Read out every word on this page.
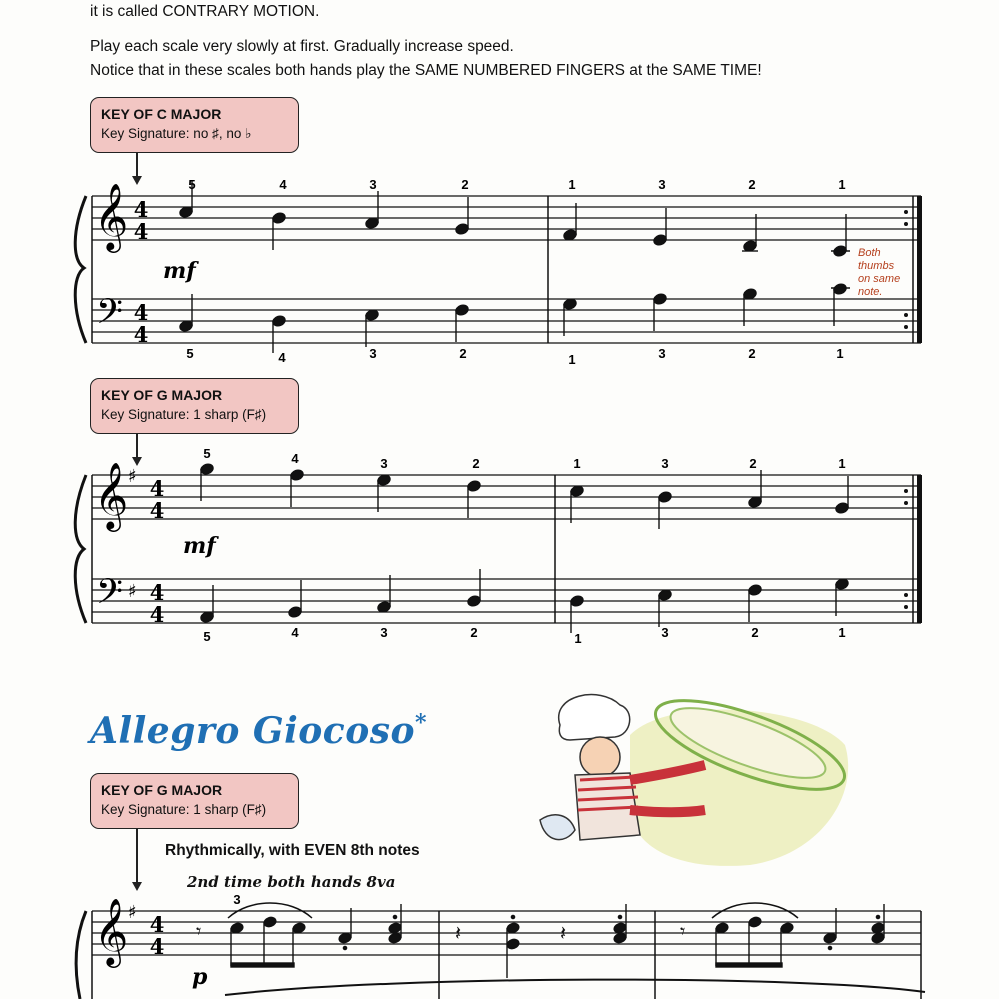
it is called CONTRARY MOTION.

Play each scale very slowly at first. Gradually increase speed.

Notice that in these scales both hands play the SAME NUMBERED FINGERS at the SAME TIME!

KEY OF C MAJOR
Key Signature: no ♯, no ♭
𝄞
𝄢
4
4
4
4
mf
5	4	3	2	1	3	2	1
5	4	3	2	1	3	2	1
Both
thumbs
on same
note.
KEY OF G MAJOR
Key Signature: 1 sharp (F♯)
𝄞
𝄢
♯
♯
4
4
4
4
mf
5	4	3	2	1	3	2	1
5	4	3	2	1	3	2	1
Allegro Giocoso*
KEY OF G MAJOR
Key Signature: 1 sharp (F♯)

Rhythmically, with EVEN 8th notes

2nd time both hands 8va

𝄞 ♯ 4
4
p
3
𝄾	𝄾
𝄽	𝄽
